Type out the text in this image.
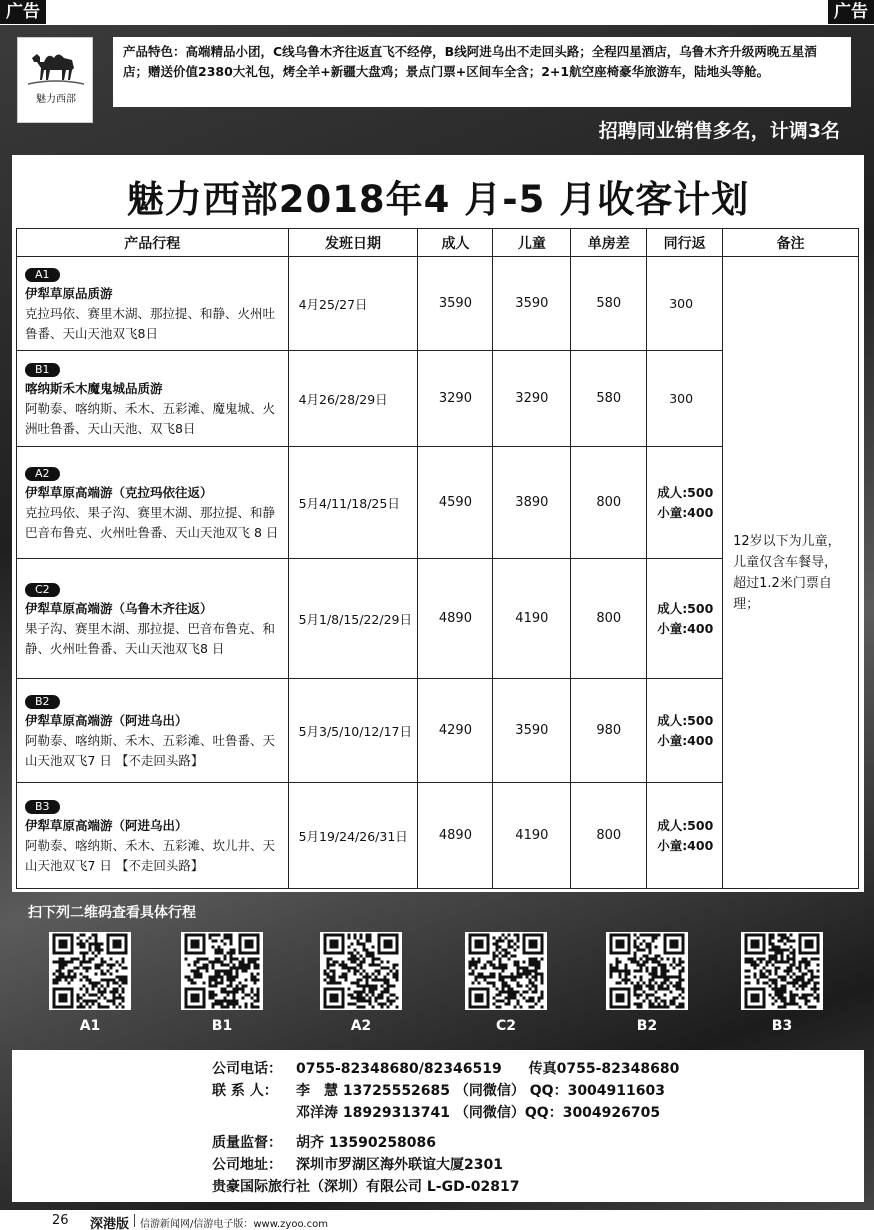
广告	广告
魅力西部
产品特色：高端精品小团，C线乌鲁木齐往返直飞不经停，B线阿进乌出不走回头路；全程四星酒店，乌鲁木齐升级两晚五星酒店；赠送价值2380大礼包，烤全羊+新疆大盘鸡；景点门票+区间车全含；2+1航空座椅豪华旅游车，陆地头等舱。
招聘同业销售多名，计调3名
魅力西部2018年4 月-5 月收客计划
产品行程	发班日期	成人	儿童	单房差	同行返	备注
A1
伊犁草原品质游
克拉玛依、赛里木湖、那拉提、和静、火州吐鲁番、天山天池双飞8日	4月25/27日	3590	3590	580	300	12岁以下为儿童，儿童仅含车餐导，超过1.2米门票自理；
B1
喀纳斯禾木魔鬼城品质游
阿勒泰、喀纳斯、禾木、五彩滩、魔鬼城、火洲吐鲁番、天山天池、双飞8日	4月26/28/29日	3290	3290	580	300	
A2
伊犁草原高端游（克拉玛依往返）
克拉玛依、果子沟、赛里木湖、那拉提、和静巴音布鲁克、火州吐鲁番、天山天池双飞 8 日	5月4/11/18/25日	4590	3890	800	成人:500
小童:400	
C2
伊犁草原高端游（乌鲁木齐往返）
果子沟、赛里木湖、那拉提、巴音布鲁克、和静、火州吐鲁番、天山天池双飞8 日	5月1/8/15/22/29日	4890	4190	800	成人:500
小童:400	
B2
伊犁草原高端游（阿进乌出）
阿勒泰、喀纳斯、禾木、五彩滩、吐鲁番、天山天池双飞7 日 【不走回头路】	5月3/5/10/12/17日	4290	3590	980	成人:500
小童:400	
B3
伊犁草原高端游（阿进乌出）
阿勒泰、喀纳斯、禾木、五彩滩、坎儿井、天山天池双飞7 日 【不走回头路】	5月19/24/26/31日	4890	4190	800	成人:500
小童:400	
扫下列二维码查看具体行程
A1	B1	A2	C2	B2	B3
公司电话： 0755-82348680/82346519 传真0755-82348680
联 系 人： 李　慧 13725552685 （同微信） QQ：3004911603
邓洋涛 18929313741 （同微信）QQ：3004926705
质量监督： 胡齐 13590258086
公司地址： 深圳市罗湖区海外联谊大厦2301
贵豪国际旅行社（深圳）有限公司 L-GD-02817
26 深港版 信游新闻网/信游电子版：www.zyoo.com
